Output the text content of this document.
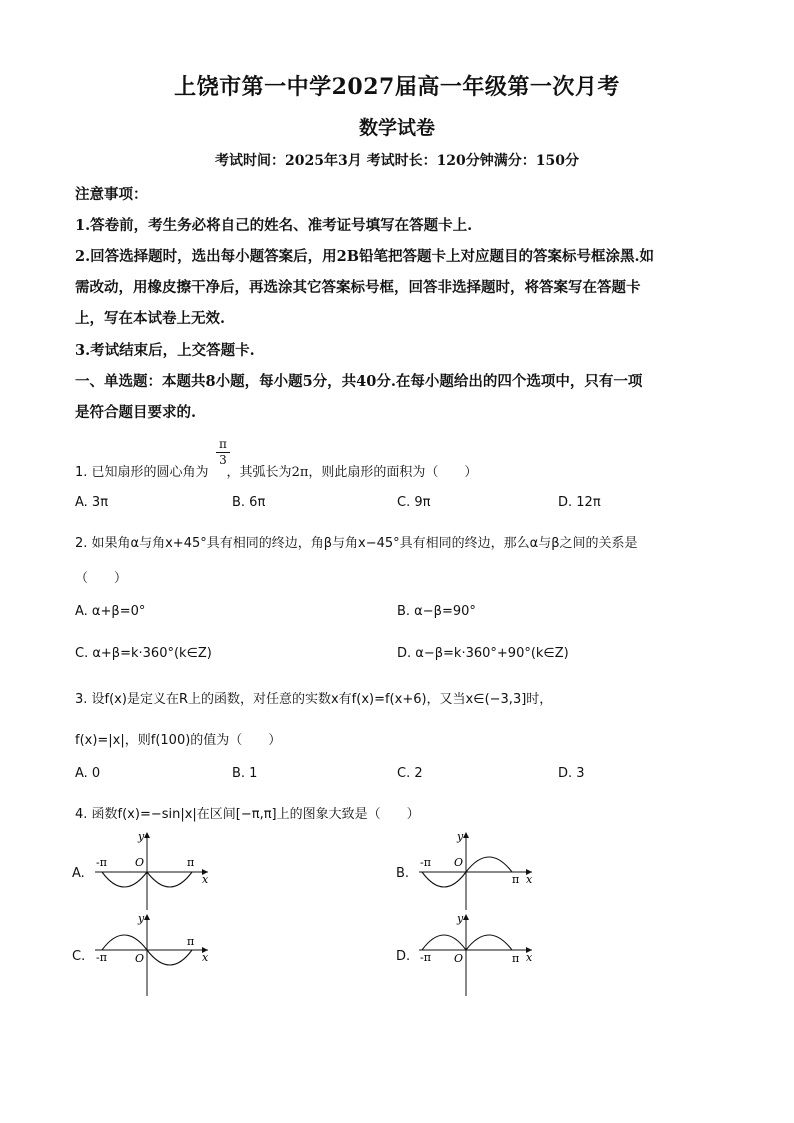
上饶市第一中学2027届高一年级第一次月考
数学试卷
考试时间：2025年3月 考试时长：120分钟满分：150分
注意事项：
1.答卷前，考生务必将自己的姓名、准考证号填写在答题卡上.
2.回答选择题时，选出每小题答案后，用2B铅笔把答题卡上对应题目的答案标号框涂黑.如
需改动，用橡皮擦干净后，再选涂其它答案标号框，回答非选择题时，将答案写在答题卡
上，写在本试卷上无效.
3.考试结束后，上交答题卡.
一、单选题：本题共8小题，每小题5分，共40分.在每小题给出的四个选项中，只有一项
是符合题目要求的.
1. 已知扇形的圆心角为 ，其弧长为2π，则此扇形的面积为（　　）
$\frac{\pi}{3}$
A. 3π	B. 6π	C. 9π	D. 12π
2. 如果角α与角x+45°具有相同的终边，角β与角x−45°具有相同的终边，那么α与β之间的关系是
（　　）
A. α+β=0°	B. α−β=90°
C. α+β=k·360°(k∈Z)	D. α−β=k·360°+90°(k∈Z)
3. 设f(x)是定义在R上的函数，对任意的实数x有f(x)=f(x+6)，又当x∈(−3,3]时，
f(x)=|x|，则f(100)的值为（　　）
A. 0	B. 1	C. 2	D. 3
4. 函数f(x)=−sin|x|在区间[−π,π]上的图象大致是（　　）
A.	B.
C.	D.
-π	π
O
y
x
-π
π
O
y
x
-π
π
O
y
x	-π	π
O
y
x
